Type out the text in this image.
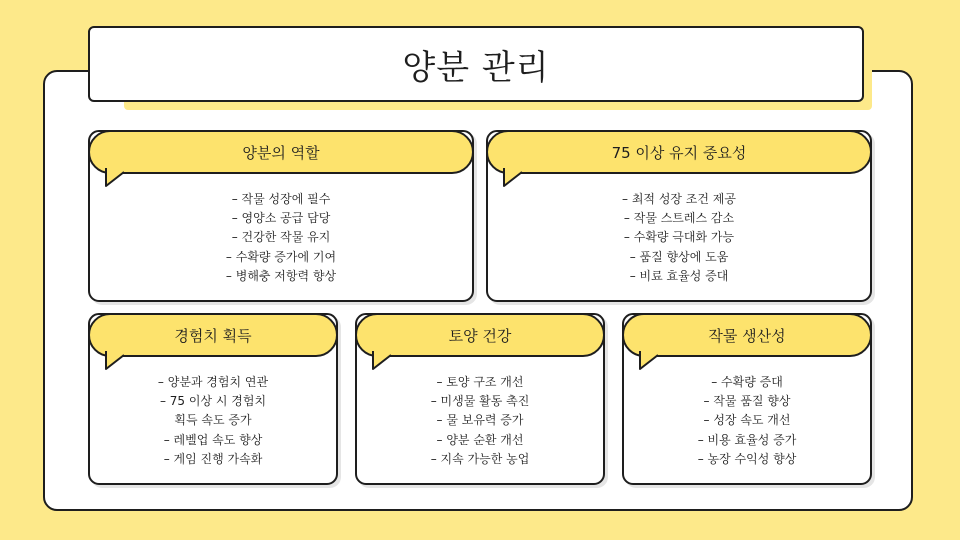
양분 관리
양분의 역할
– 작물 성장에 필수
– 영양소 공급 담당
– 건강한 작물 유지
– 수확량 증가에 기여
– 병해충 저항력 향상
75 이상 유지 중요성
– 최적 성장 조건 제공
– 작물 스트레스 감소
– 수확량 극대화 가능
– 품질 향상에 도움
– 비료 효율성 증대
경험치 획득
– 양분과 경험치 연관
– 75 이상 시 경험치
획득 속도 증가
– 레벨업 속도 향상
– 게임 진행 가속화
토양 건강
– 토양 구조 개선
– 미생물 활동 촉진
– 물 보유력 증가
– 양분 순환 개선
– 지속 가능한 농업
작물 생산성
– 수확량 증대
– 작물 품질 향상
– 성장 속도 개선
– 비용 효율성 증가
– 농장 수익성 향상
